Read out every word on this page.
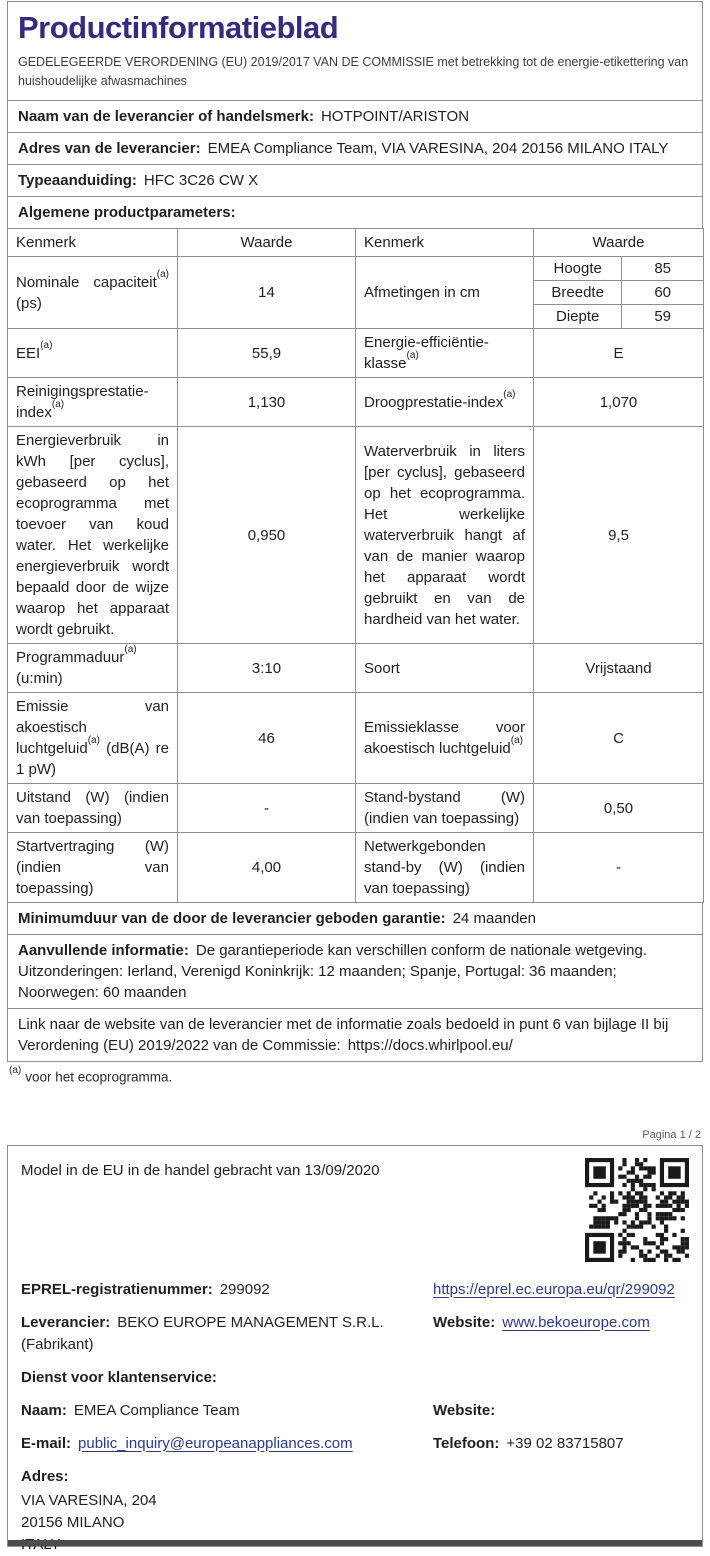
Productinformatieblad
GEDELEGEERDE VERORDENING (EU) 2019/2017 VAN DE COMMISSIE met betrekking tot de energie-etikettering van huishoudelijke afwasmachines
Naam van de leverancier of handelsmerk: HOTPOINT/ARISTON
Adres van de leverancier: EMEA Compliance Team, VIA VARESINA, 204 20156 MILANO ITALY
Typeaanduiding: HFC 3C26 CW X
Algemene productparameters:
Kenmerk	Waarde	Kenmerk	Waarde
Nominale capaciteit$^{(a)}$ (ps)	14	Afmetingen in cm	
Hoogte	85
Breedte	60
Diepte	59

EEI$^{(a)}$	55,9	Energie-efficiëntie-klasse$^{(a)}$	E
Reinigingsprestatie-index$^{(a)}$	1,130	Droogprestatie-index$^{(a)}$	1,070
Energieverbruik in kWh [per cyclus], gebaseerd op het ecoprogramma met toevoer van koud water. Het werkelijke energieverbruik wordt bepaald door de wijze waarop het apparaat wordt gebruikt.	0,950	Waterverbruik in liters [per cyclus], gebaseerd op het ecoprogramma. Het werkelijke waterverbruik hangt af van de manier waarop het apparaat wordt gebruikt en van de hardheid van het water.	9,5
Programmaduur$^{(a)}$ (u:min)	3:10	Soort	Vrijstaand
Emissie van akoestisch luchtgeluid$^{(a)}$ (dB(A) re 1 pW)	46	Emissieklasse voor akoestisch luchtgeluid$^{(a)}$	C
Uitstand (W) (indien van toepassing)	-	Stand-bystand (W) (indien van toepassing)	0,50
Startvertraging (W) (indien van toepassing)	4,00	Netwerkgebonden stand-by (W) (indien van toepassing)	-
Minimumduur van de door de leverancier geboden garantie: 24 maanden
Aanvullende informatie: De garantieperiode kan verschillen conform de nationale wetgeving. Uitzonderingen: Ierland, Verenigd Koninkrijk: 12 maanden; Spanje, Portugal: 36 maanden; Noorwegen: 60 maanden
Link naar de website van de leverancier met de informatie zoals bedoeld in punt 6 van bijlage II bij Verordening (EU) 2019/2022 van de Commissie: https://docs.whirlpool.eu/
$^{(a)}$ voor het ecoprogramma.
Pagina 1 / 2
Model in de EU in de handel gebracht van 13/09/2020
EPREL-registratienummer: 299092	https://eprel.ec.europa.eu/qr/299092
Leverancier: BEKO EUROPE MANAGEMENT S.R.L. (Fabrikant)
Website: www.bekoeurope.com
Dienst voor klantenservice:
Naam: EMEA Compliance Team	Website:
E-mail: public_inquiry@europeanappliances.com	Telefoon: +39 02 83715807
Adres:
VIA VARESINA, 204
20156 MILANO
